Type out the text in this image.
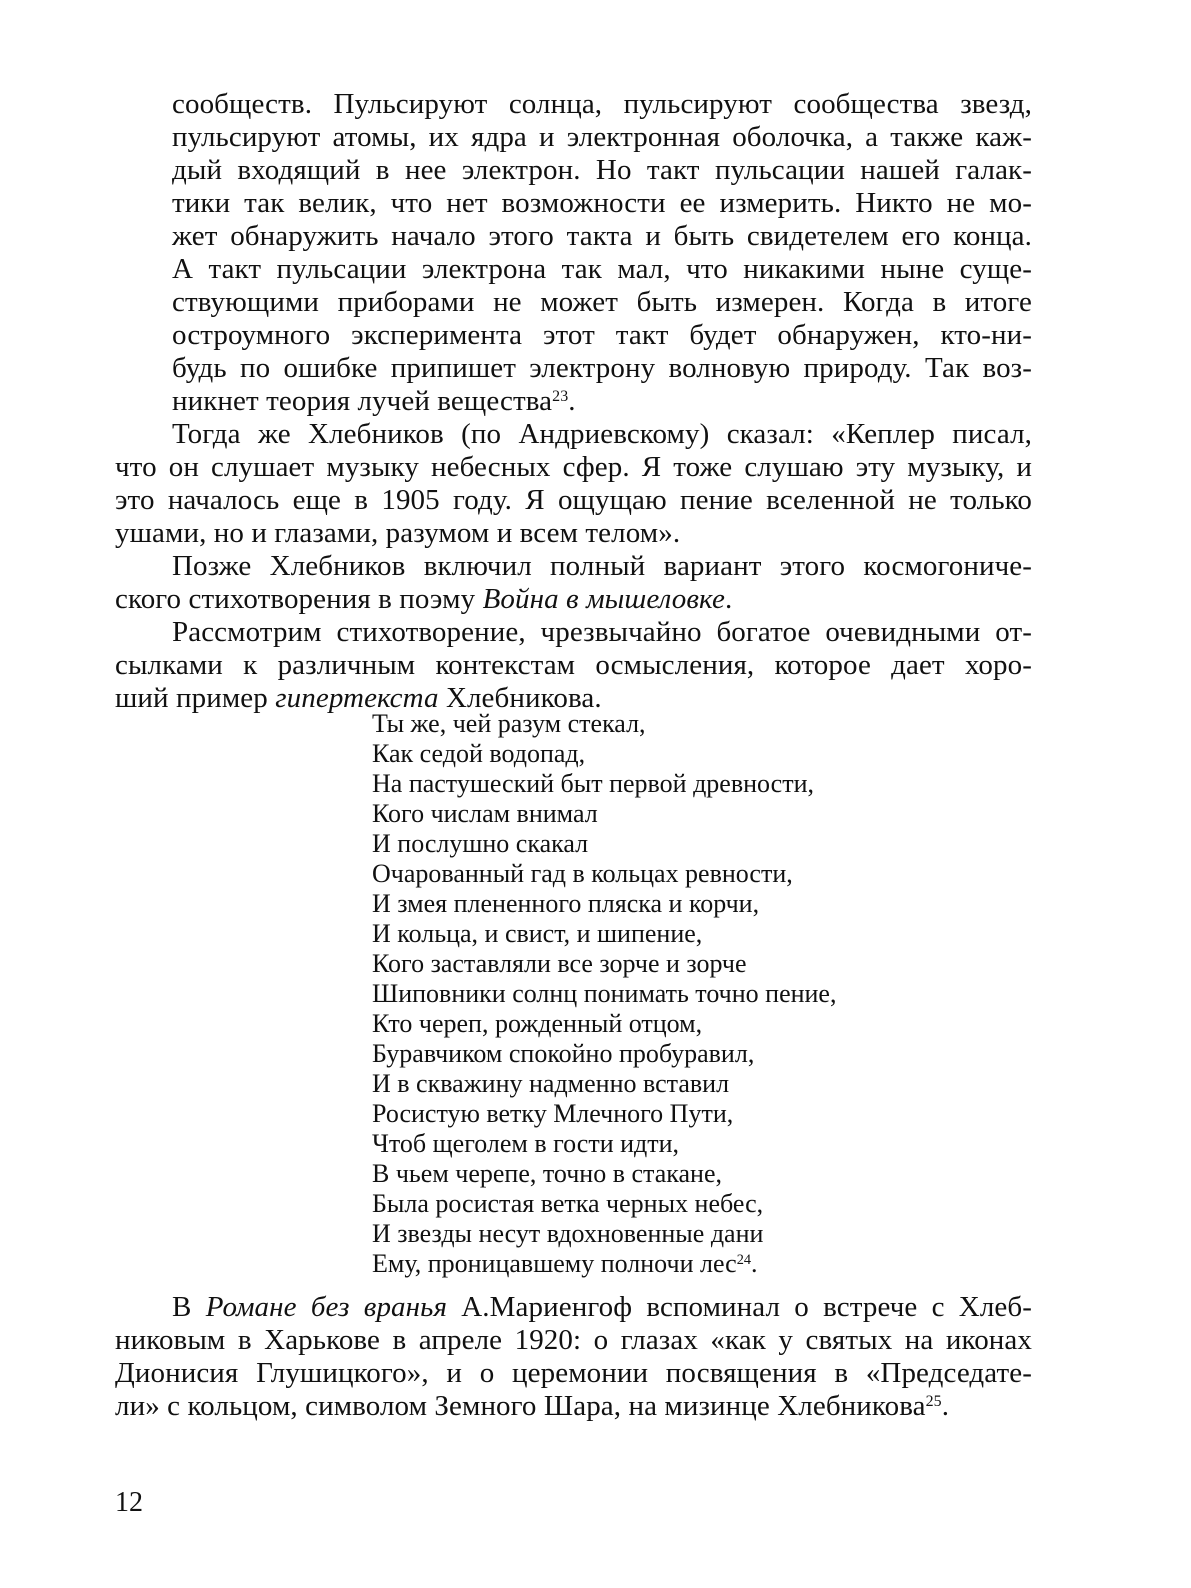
сообществ. Пульсируют солнца, пульсируют сообщества звезд,
пульсируют атомы, их ядра и электронная оболочка, а также каж-
дый входящий в нее электрон. Но такт пульсации нашей галак-
тики так велик, что нет возможности ее измерить. Никто не мо-
жет обнаружить начало этого такта и быть свидетелем его конца.
А такт пульсации электрона так мал, что никакими ныне суще-
ствующими приборами не может быть измерен. Когда в итоге
остроумного эксперимента этот такт будет обнаружен, кто-ни-
будь по ошибке припишет электрону волновую природу. Так воз-
никнет теория лучей вещества$^{23}$.
Тогда же Хлебников (по Андриевскому) сказал: «Кеплер писал,
что он слушает музыку небесных сфер. Я тоже слушаю эту музыку, и
это началось еще в 1905 году. Я ощущаю пение вселенной не только
ушами, но и глазами, разумом и всем телом».
Позже Хлебников включил полный вариант этого космогониче-
ского стихотворения в поэму Война в мышеловке.
Рассмотрим стихотворение, чрезвычайно богатое очевидными от-
сылками к различным контекстам осмысления, которое дает хоро-
ший пример гипертекста Хлебникова.
Ты же, чей разум стекал,
Как седой водопад,
На пастушеский быт первой древности,
Кого числам внимал
И послушно скакал
Очарованный гад в кольцах ревности,
И змея плененного пляска и корчи,
И кольца, и свист, и шипение,
Кого заставляли все зорче и зорче
Шиповники солнц понимать точно пение,
Кто череп, рожденный отцом,
Буравчиком спокойно пробуравил,
И в скважину надменно вставил
Росистую ветку Млечного Пути,
Чтоб щеголем в гости идти,
В чьем черепе, точно в стакане,
Была росистая ветка черных небес,
И звезды несут вдохновенные дани
Ему, проницавшему полночи лес$^{24}$.
В Романе без вранья А.Мариенгоф вспоминал о встрече с Хлеб-
никовым в Харькове в апреле 1920: о глазах «как у святых на иконах
Дионисия Глушицкого», и о церемонии посвящения в «Председате-
ли» с кольцом, символом Земного Шара, на мизинце Хлебникова$^{25}$.
12
